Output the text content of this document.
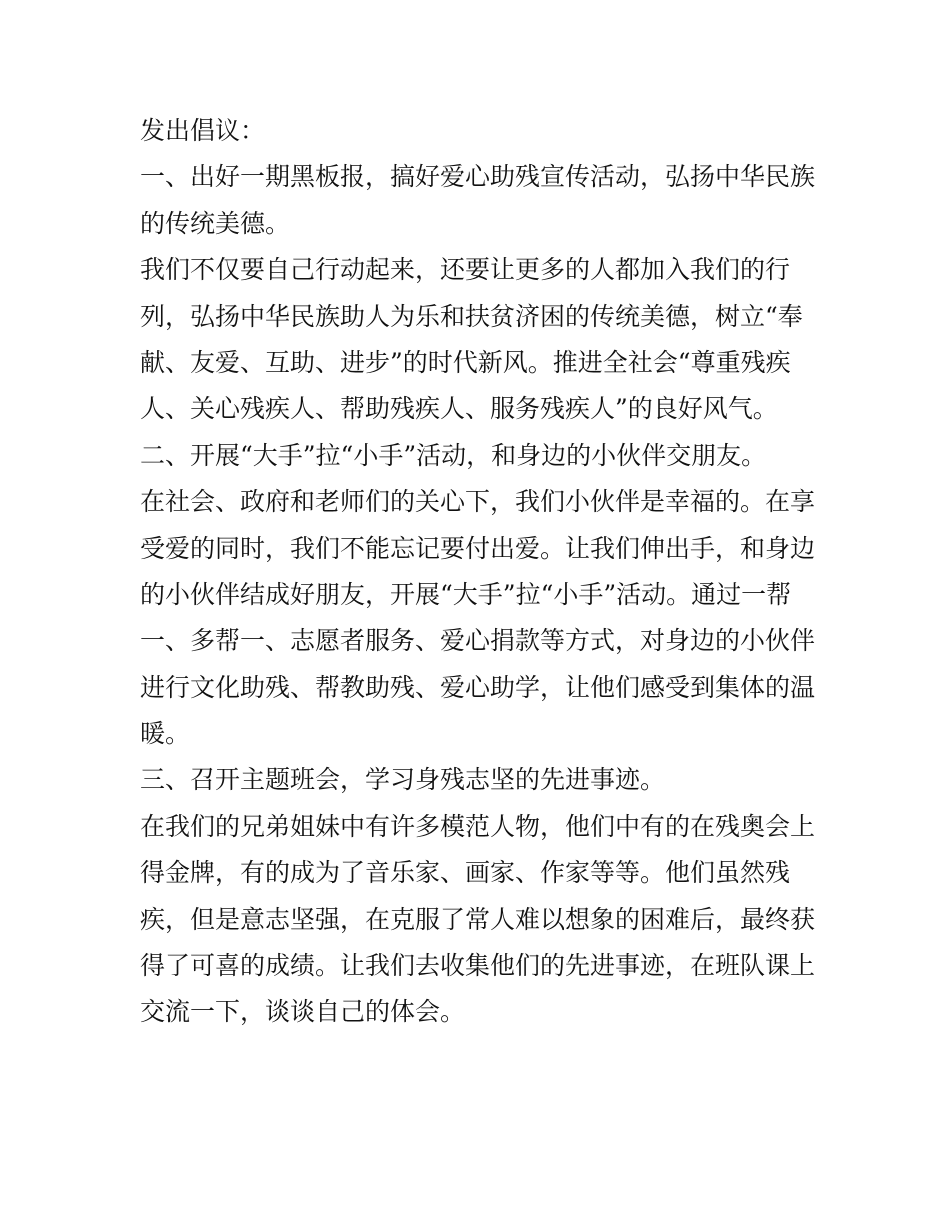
发出倡议：
一、出好一期黑板报，搞好爱心助残宣传活动，弘扬中华民族
的传统美德。
我们不仅要自己行动起来，还要让更多的人都加入我们的行
列，弘扬中华民族助人为乐和扶贫济困的传统美德，树立“奉
献、友爱、互助、进步”的时代新风。推进全社会“尊重残疾
人、关心残疾人、帮助残疾人、服务残疾人”的良好风气。
二、开展“大手”拉“小手”活动，和身边的小伙伴交朋友。
在社会、政府和老师们的关心下，我们小伙伴是幸福的。在享
受爱的同时，我们不能忘记要付出爱。让我们伸出手，和身边
的小伙伴结成好朋友，开展“大手”拉“小手”活动。通过一帮
一、多帮一、志愿者服务、爱心捐款等方式，对身边的小伙伴
进行文化助残、帮教助残、爱心助学，让他们感受到集体的温
暖。
三、召开主题班会，学习身残志坚的先进事迹。
在我们的兄弟姐妹中有许多模范人物，他们中有的在残奥会上
得金牌，有的成为了音乐家、画家、作家等等。他们虽然残
疾，但是意志坚强，在克服了常人难以想象的困难后，最终获
得了可喜的成绩。让我们去收集他们的先进事迹，在班队课上
交流一下，谈谈自己的体会。
